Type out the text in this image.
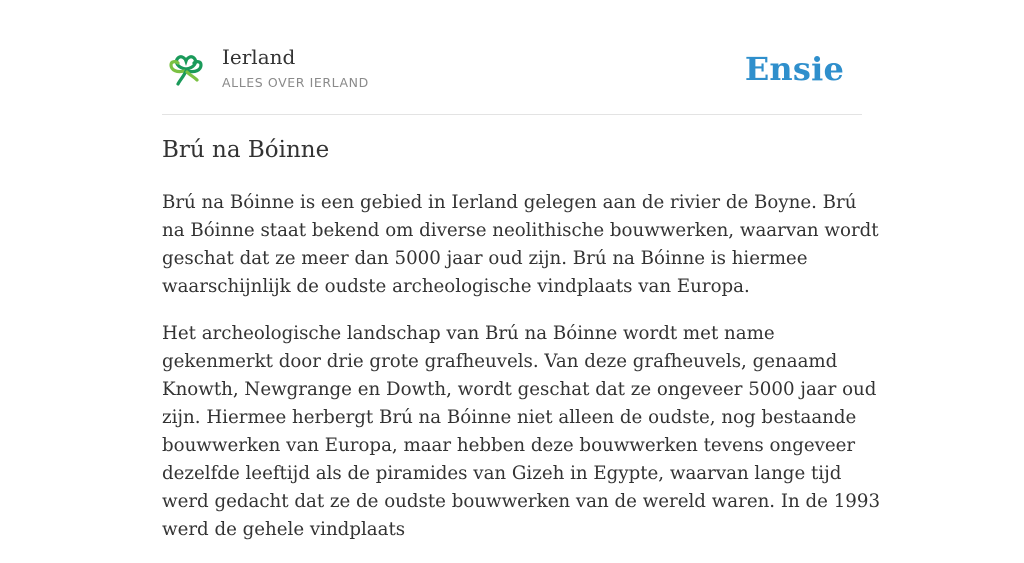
Ierland
ALLES OVER IERLAND	Ensie
Brú na Bóinne

Brú na Bóinne is een gebied in Ierland gelegen aan de rivier de Boyne. Brú na Bóinne staat bekend om diverse neolithische bouwwerken, waarvan wordt geschat dat ze meer dan 5000 jaar oud zijn. Brú na Bóinne is hiermee waarschijnlijk de oudste archeologische vindplaats van Europa.

Het archeologische landschap van Brú na Bóinne wordt met name gekenmerkt door drie grote grafheuvels. Van deze grafheuvels, genaamd Knowth, Newgrange en Dowth, wordt geschat dat ze ongeveer 5000 jaar oud zijn. Hiermee herbergt Brú na Bóinne niet alleen de oudste, nog bestaande bouwwerken van Europa, maar hebben deze bouwwerken tevens ongeveer dezelfde leeftijd als de piramides van Gizeh in Egypte, waarvan lange tijd werd gedacht dat ze de oudste bouwwerken van de wereld waren. In de 1993 werd de gehele vindplaats
